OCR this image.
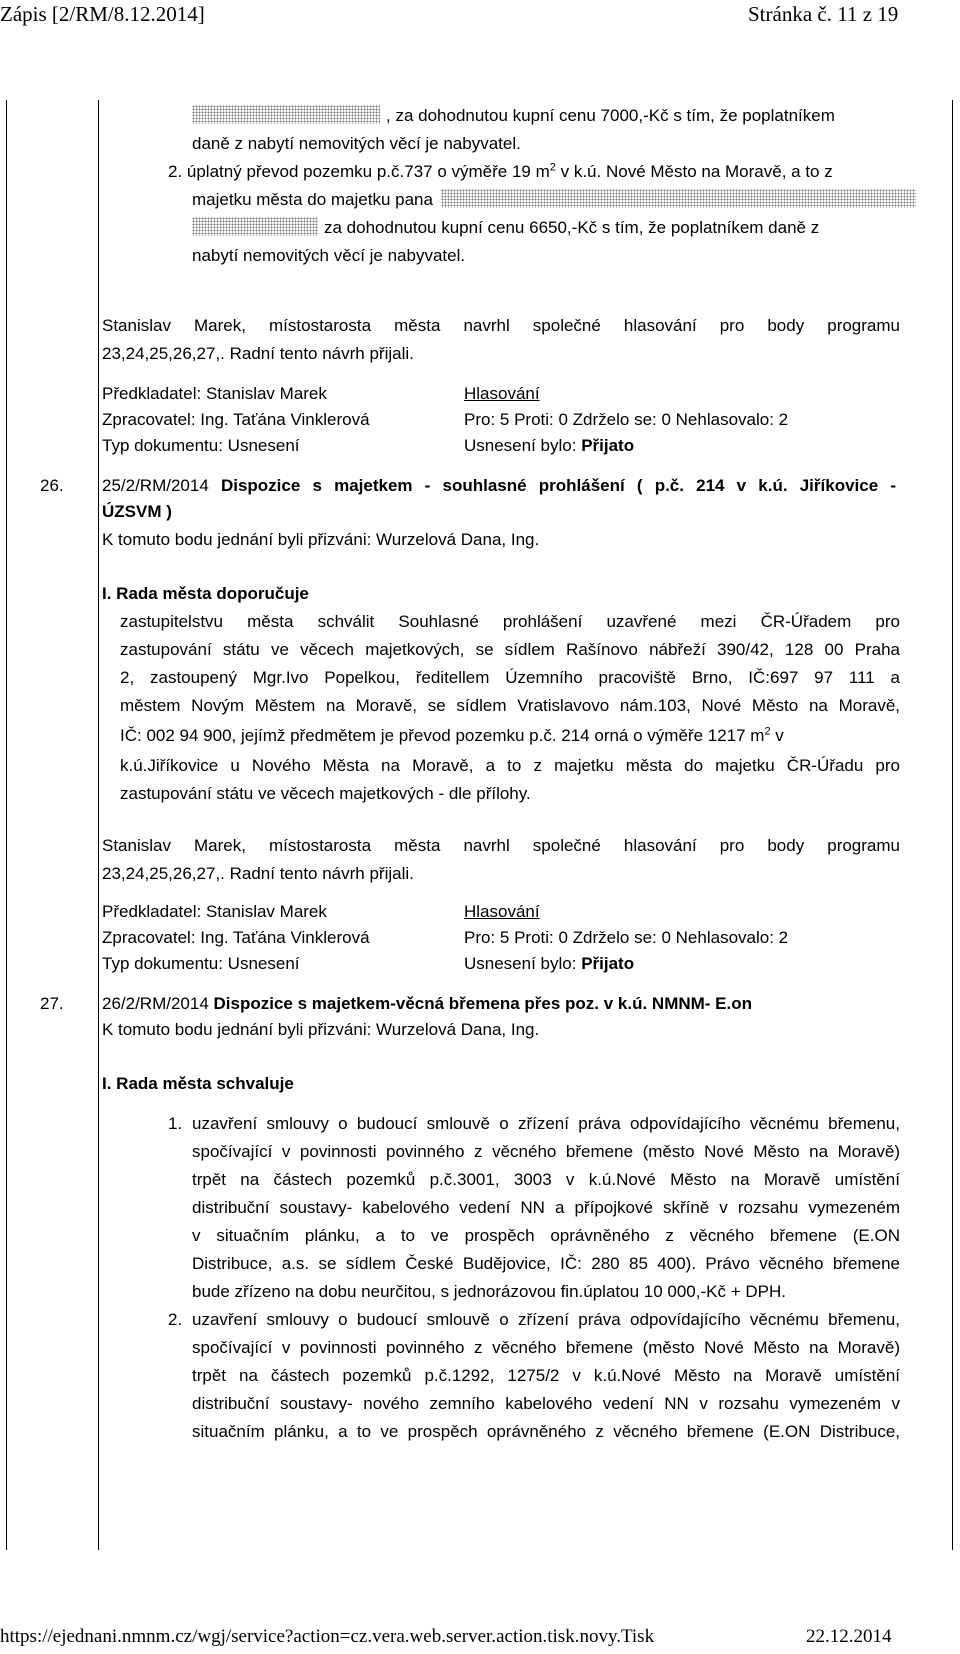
Zápis [2/RM/8.12.2014]	Stránka č. 11 z 19
, za dohodnutou kupní cenu 7000,-Kč s tím, že poplatníkem
daně z nabytí nemovitých věcí je nabyvatel.
2. úplatný převod pozemku p.č.737 o výměře 19 $m^2$ v k.ú. Nové Město na Moravě, a to z
majetku města do majetku pana
za dohodnutou kupní cenu 6650,-Kč s tím, že poplatníkem daně z
nabytí nemovitých věcí je nabyvatel.
Stanislav Marek, místostarosta města navrhl společné hlasování pro body programu
23,24,25,26,27,. Radní tento návrh přijali.
Předkladatel: Stanislav Marek	Hlasování
Zpracovatel: Ing. Taťána Vinklerová	Pro: 5 Proti: 0 Zdrželo se: 0 Nehlasovalo: 2
Typ dokumentu: Usnesení	Usnesení bylo: Přijato
26. 25/2/RM/2014 Dispozice s majetkem - souhlasné prohlášení ( p.č. 214 v k.ú. Jiříkovice -
ÚZSVM )
K tomuto bodu jednání byli přizváni: Wurzelová Dana, Ing.
I. Rada města doporučuje
zastupitelstvu města schválit Souhlasné prohlášení uzavřené mezi ČR-Úřadem pro
zastupování státu ve věcech majetkových, se sídlem Rašínovo nábřeží 390/42, 128 00 Praha
2, zastoupený Mgr.Ivo Popelkou, ředitellem Územního pracoviště Brno, IČ:697 97 111 a
městem Novým Městem na Moravě, se sídlem Vratislavovo nám.103, Nové Město na Moravě,
IČ: 002 94 900, jejímž předmětem je převod pozemku p.č. 214 orná o výměře 1217 $m^2$ v
k.ú.Jiříkovice u Nového Města na Moravě, a to z majetku města do majetku ČR-Úřadu pro
zastupování státu ve věcech majetkových - dle přílohy.
Stanislav Marek, místostarosta města navrhl společné hlasování pro body programu
23,24,25,26,27,. Radní tento návrh přijali.
Předkladatel: Stanislav Marek	Hlasování
Zpracovatel: Ing. Taťána Vinklerová	Pro: 5 Proti: 0 Zdrželo se: 0 Nehlasovalo: 2
Typ dokumentu: Usnesení	Usnesení bylo: Přijato
27. 26/2/RM/2014 Dispozice s majetkem-věcná břemena přes poz. v k.ú. NMNM- E.on
K tomuto bodu jednání byli přizváni: Wurzelová Dana, Ing.
I. Rada města schvaluje
1. uzavření smlouvy o budoucí smlouvě o zřízení práva odpovídajícího věcnému břemenu,
spočívající v povinnosti povinného z věcného břemene (město Nové Město na Moravě)
trpět na částech pozemků p.č.3001, 3003 v k.ú.Nové Město na Moravě umístění
distribuční soustavy- kabelového vedení NN a přípojkové skříně v rozsahu vymezeném
v situačním plánku, a to ve prospěch oprávněného z věcného břemene (E.ON
Distribuce, a.s. se sídlem České Budějovice, IČ: 280 85 400). Právo věcného břemene
bude zřízeno na dobu neurčitou, s jednorázovou fin.úplatou 10 000,-Kč + DPH.
2. uzavření smlouvy o budoucí smlouvě o zřízení práva odpovídajícího věcnému břemenu,
spočívající v povinnosti povinného z věcného břemene (město Nové Město na Moravě)
trpět na částech pozemků p.č.1292, 1275/2 v k.ú.Nové Město na Moravě umístění
distribuční soustavy- nového zemního kabelového vedení NN v rozsahu vymezeném v
situačním plánku, a to ve prospěch oprávněného z věcného břemene (E.ON Distribuce,
https://ejednani.nmnm.cz/wgj/service?action=cz.vera.web.server.action.tisk.novy.Tisk	22.12.2014
